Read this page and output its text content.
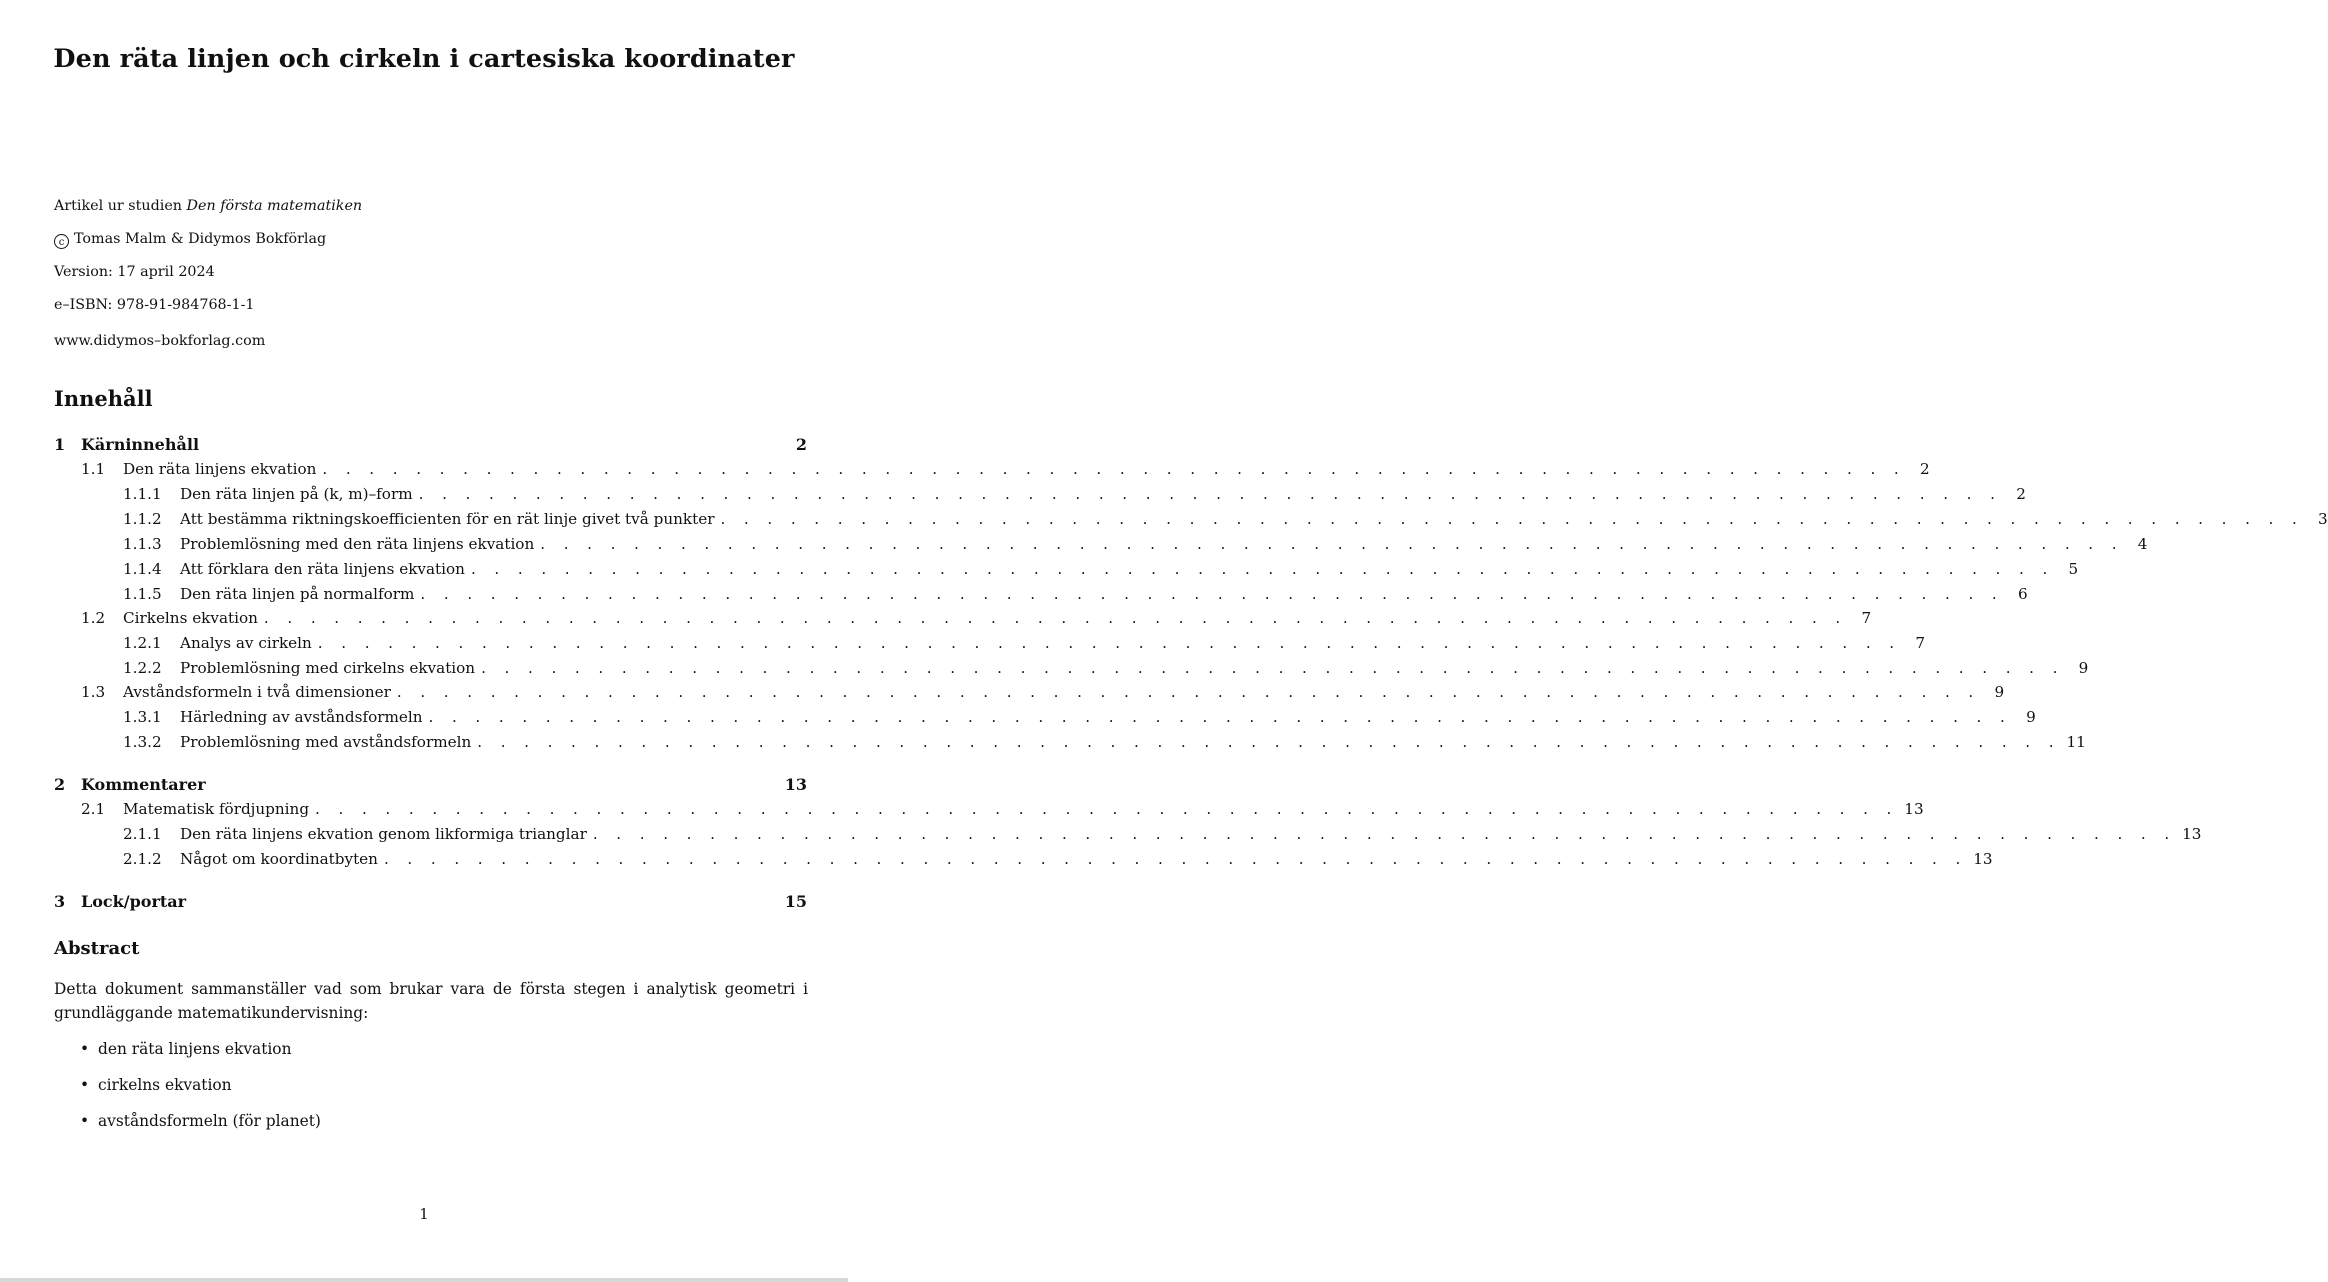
Den räta linjen och cirkeln i cartesiska koordinater
Artikel ur studien Den första matematiken
c Tomas Malm & Didymos Bokförlag
Version: 17 april 2024
e–ISBN: 978-91-984768-1-1
www.didymos–bokforlag.com
Innehåll
1 Kärninnehåll	2
1.1	Den räta linjens ekvation . . . . . . . . . . . . . . . . . . . . . . . . . . . . . . . . . . . . . . . . . . . . . . . . . . . . . . . . . . . . . . . . . . . . 2
1.1.1	Den räta linjen på (k, m)–form . . . . . . . . . . . . . . . . . . . . . . . . . . . . . . . . . . . . . . . . . . . . . . . . . . . . . . . . . . . . . . . . . . . . 2
1.1.2	Att bestämma riktningskoefficienten för en rät linje givet två punkter . . . . . . . . . . . . . . . . . . . . . . . . . . . . . . . . . . . . . . . . . . . . . . . . . . . . . . . . . . . . . . . . . . . . 3
1.1.3	Problemlösning med den räta linjens ekvation . . . . . . . . . . . . . . . . . . . . . . . . . . . . . . . . . . . . . . . . . . . . . . . . . . . . . . . . . . . . . . . . . . . . 4
1.1.4	Att förklara den räta linjens ekvation . . . . . . . . . . . . . . . . . . . . . . . . . . . . . . . . . . . . . . . . . . . . . . . . . . . . . . . . . . . . . . . . . . . . 5
1.1.5	Den räta linjen på normalform . . . . . . . . . . . . . . . . . . . . . . . . . . . . . . . . . . . . . . . . . . . . . . . . . . . . . . . . . . . . . . . . . . . . 6
1.2	Cirkelns ekvation . . . . . . . . . . . . . . . . . . . . . . . . . . . . . . . . . . . . . . . . . . . . . . . . . . . . . . . . . . . . . . . . . . . . 7
1.2.1	Analys av cirkeln . . . . . . . . . . . . . . . . . . . . . . . . . . . . . . . . . . . . . . . . . . . . . . . . . . . . . . . . . . . . . . . . . . . . 7
1.2.2	Problemlösning med cirkelns ekvation . . . . . . . . . . . . . . . . . . . . . . . . . . . . . . . . . . . . . . . . . . . . . . . . . . . . . . . . . . . . . . . . . . . . 9
1.3	Avståndsformeln i två dimensioner . . . . . . . . . . . . . . . . . . . . . . . . . . . . . . . . . . . . . . . . . . . . . . . . . . . . . . . . . . . . . . . . . . . . 9
1.3.1	Härledning av avståndsformeln . . . . . . . . . . . . . . . . . . . . . . . . . . . . . . . . . . . . . . . . . . . . . . . . . . . . . . . . . . . . . . . . . . . . 9
1.3.2	Problemlösning med avståndsformeln . . . . . . . . . . . . . . . . . . . . . . . . . . . . . . . . . . . . . . . . . . . . . . . . . . . . . . . . . . . . . . . . . . . . 11
2 Kommentarer	13
2.1	Matematisk fördjupning . . . . . . . . . . . . . . . . . . . . . . . . . . . . . . . . . . . . . . . . . . . . . . . . . . . . . . . . . . . . . . . . . . . . 13
2.1.1	Den räta linjens ekvation genom likformiga trianglar . . . . . . . . . . . . . . . . . . . . . . . . . . . . . . . . . . . . . . . . . . . . . . . . . . . . . . . . . . . . . . . . . . . . 13
2.1.2	Något om koordinatbyten . . . . . . . . . . . . . . . . . . . . . . . . . . . . . . . . . . . . . . . . . . . . . . . . . . . . . . . . . . . . . . . . . . . . 13
3 Lock/portar	15
Abstract
Detta dokument sammanställer vad som brukar vara de första stegen i analytisk geometri i grundläggande matematikundervisning:
• den räta linjens ekvation
• cirkelns ekvation
• avståndsformeln (för planet)
1
